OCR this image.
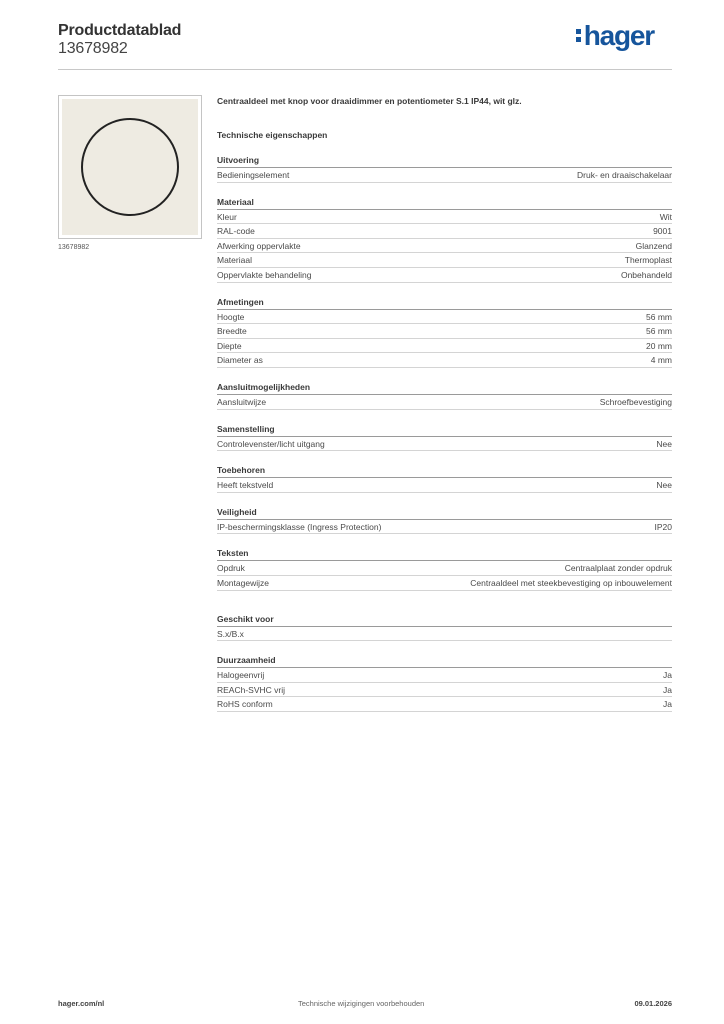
Productdatablad
13678982	hager
13678982
Centraaldeel met knop voor draaidimmer en potentiometer S.1 IP44, wit glz.
Technische eigenschappen
Uitvoering
Bedieningselement	Druk- en draaischakelaar
Materiaal
Kleur	Wit
RAL-code	9001
Afwerking oppervlakte	Glanzend
Materiaal	Thermoplast
Oppervlakte behandeling	Onbehandeld
Afmetingen
Hoogte	56 mm
Breedte	56 mm
Diepte	20 mm
Diameter as	4 mm
Aansluitmogelijkheden
Aansluitwijze	Schroefbevestiging
Samenstelling
Controlevenster/licht uitgang	Nee
Toebehoren
Heeft tekstveld	Nee
Veiligheid
IP-beschermingsklasse (Ingress Protection)	IP20
Teksten
Opdruk	Centraalplaat zonder opdruk
Montagewijze	Centraaldeel met steekbevestiging op inbouwelement
Geschikt voor
S.x/B.x
Duurzaamheid
Halogeenvrij	Ja
REACh-SVHC vrij	Ja
RoHS conform	Ja
hager.com/nl	Technische wijzigingen voorbehouden	09.01.2026
